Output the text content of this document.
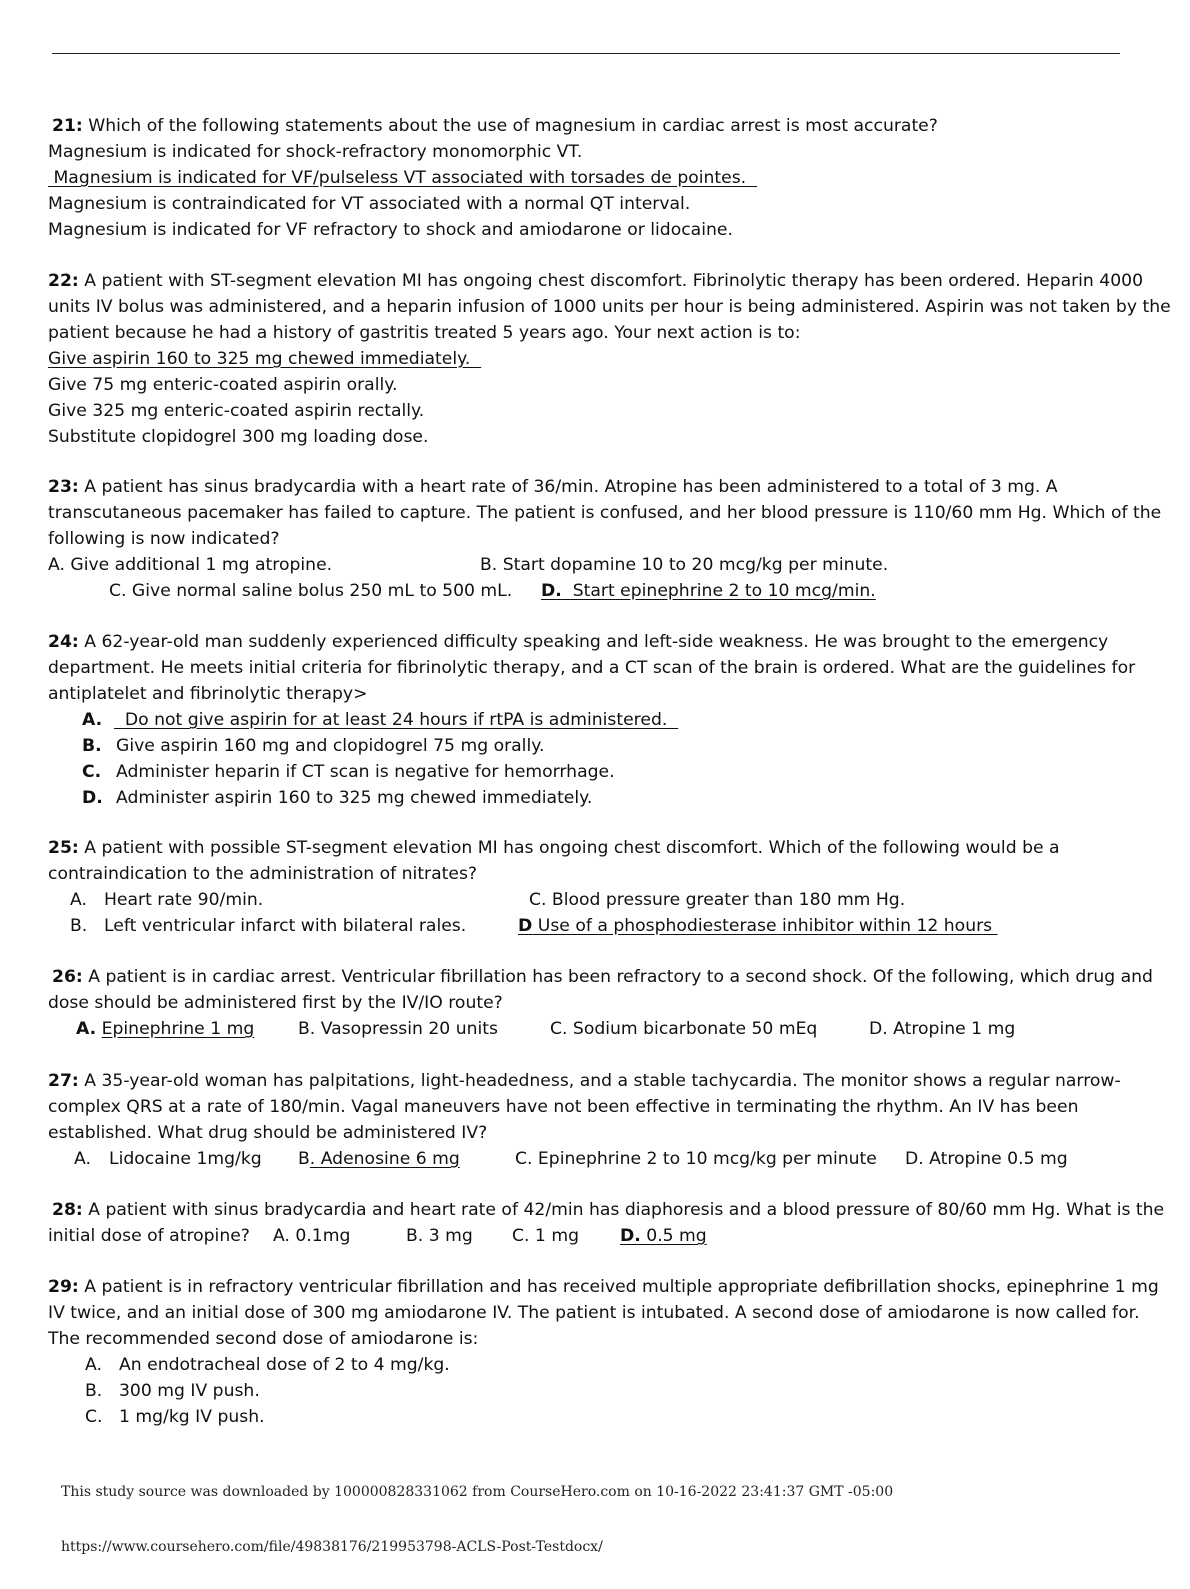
21: Which of the following statements about the use of magnesium in cardiac arrest is most accurate?
Magnesium is indicated for shock-refractory monomorphic VT.
Magnesium is indicated for VF/pulseless VT associated with torsades de pointes.
Magnesium is contraindicated for VT associated with a normal QT interval.
Magnesium is indicated for VF refractory to shock and amiodarone or lidocaine.
22: A patient with ST-segment elevation MI has ongoing chest discomfort. Fibrinolytic therapy has been ordered. Heparin 4000
units IV bolus was administered, and a heparin infusion of 1000 units per hour is being administered. Aspirin was not taken by the
patient because he had a history of gastritis treated 5 years ago. Your next action is to:
Give aspirin 160 to 325 mg chewed immediately.
Give 75 mg enteric-coated aspirin orally.
Give 325 mg enteric-coated aspirin rectally.
Substitute clopidogrel 300 mg loading dose.
23: A patient has sinus bradycardia with a heart rate of 36/min. Atropine has been administered to a total of 3 mg. A
transcutaneous pacemaker has failed to capture. The patient is confused, and her blood pressure is 110/60 mm Hg. Which of the
following is now indicated?
A. Give additional 1 mg atropine.	B. Start dopamine 10 to 20 mcg/kg per minute.
C. Give normal saline bolus 250 mL to 500 mL. D.  Start epinephrine 2 to 10 mcg/min.
24: A 62-year-old man suddenly experienced difficulty speaking and left-side weakness. He was brought to the emergency
department. He meets initial criteria for fibrinolytic therapy, and a CT scan of the brain is ordered. What are the guidelines for
antiplatelet and fibrinolytic therapy>
A. Do not give aspirin for at least 24 hours if rtPA is administered.
B. Give aspirin 160 mg and clopidogrel 75 mg orally.
C. Administer heparin if CT scan is negative for hemorrhage.
D. Administer aspirin 160 to 325 mg chewed immediately.
25: A patient with possible ST-segment elevation MI has ongoing chest discomfort. Which of the following would be a
contraindication to the administration of nitrates?
A. Heart rate 90/min.	C. Blood pressure greater than 180 mm Hg.
B. Left ventricular infarct with bilateral rales.	D Use of a phosphodiesterase inhibitor within 12 hours
26: A patient is in cardiac arrest. Ventricular fibrillation has been refractory to a second shock. Of the following, which drug and
dose should be administered first by the IV/IO route?
A. Epinephrine 1 mg	B. Vasopressin 20 units	C. Sodium bicarbonate 50 mEq	D. Atropine 1 mg
27: A 35-year-old woman has palpitations, light-headedness, and a stable tachycardia. The monitor shows a regular narrow-
complex QRS at a rate of 180/min. Vagal maneuvers have not been effective in terminating the rhythm. An IV has been
established. What drug should be administered IV?
A. Lidocaine 1mg/kg B. Adenosine 6 mg	C. Epinephrine 2 to 10 mcg/kg per minute D. Atropine 0.5 mg
28: A patient with sinus bradycardia and heart rate of 42/min has diaphoresis and a blood pressure of 80/60 mm Hg. What is the
initial dose of atropine? A. 0.1mg	B. 3 mg C. 1 mg D. 0.5 mg
29: A patient is in refractory ventricular fibrillation and has received multiple appropriate defibrillation shocks, epinephrine 1 mg
IV twice, and an initial dose of 300 mg amiodarone IV. The patient is intubated. A second dose of amiodarone is now called for.
The recommended second dose of amiodarone is:
A. An endotracheal dose of 2 to 4 mg/kg.
B. 300 mg IV push.
C. 1 mg/kg IV push.
This study source was downloaded by 100000828331062 from CourseHero.com on 10-16-2022 23:41:37 GMT -05:00
https://www.coursehero.com/file/49838176/219953798-ACLS-Post-Testdocx/
